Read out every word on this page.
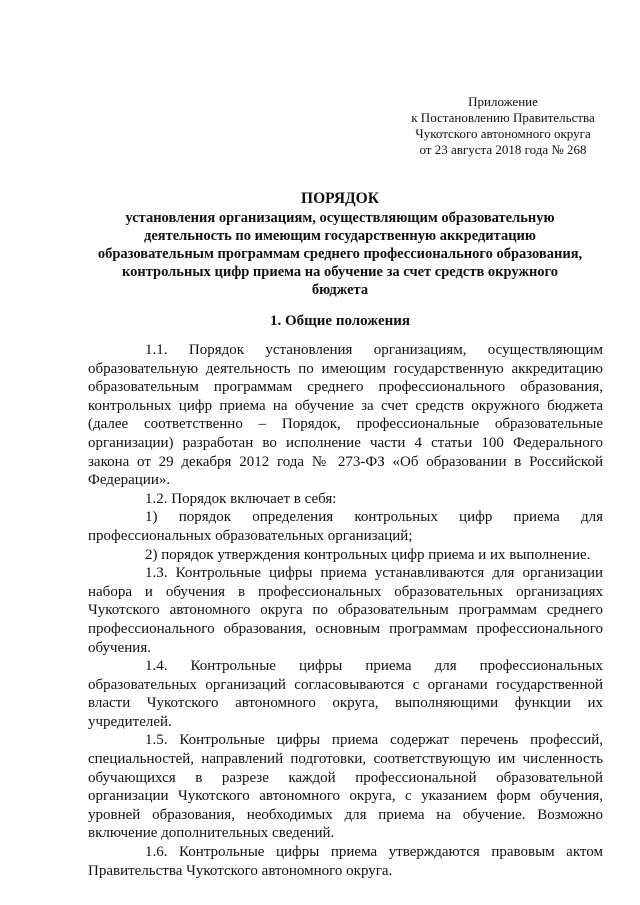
Приложение
к Постановлению Правительства
Чукотского автономного округа
от 23 августа 2018 года № 268
ПОРЯДОК
установления организациям, осуществляющим образовательную
деятельность по имеющим государственную аккредитацию
образовательным программам среднего профессионального образования,
контрольных цифр приема на обучение за счет средств окружного
бюджета
1. Общие положения

1.1. Порядок установления организациям, осуществляющим образовательную деятельность по имеющим государственную аккредитацию образовательным программам среднего профессионального образования, контрольных цифр приема на обучение за счет средств окружного бюджета (далее соответственно – Порядок, профессиональные образовательные организации) разработан во исполнение части 4 статьи 100 Федерального закона от 29 декабря 2012 года № 273-ФЗ «Об образовании в Российской Федерации».

1.2. Порядок включает в себя:

1) порядок определения контрольных цифр приема для профессиональных образовательных организаций;

2) порядок утверждения контрольных цифр приема и их выполнение.

1.3. Контрольные цифры приема устанавливаются для организации набора и обучения в профессиональных образовательных организациях Чукотского автономного округа по образовательным программам среднего профессионального образования, основным программам профессионального обучения.

1.4. Контрольные цифры приема для профессиональных образовательных организаций согласовываются с органами государственной власти Чукотского автономного округа, выполняющими функции их учредителей.

1.5. Контрольные цифры приема содержат перечень профессий, специальностей, направлений подготовки, соответствующую им численность обучающихся в разрезе каждой профессиональной образовательной организации Чукотского автономного округа, с указанием форм обучения, уровней образования, необходимых для приема на обучение. Возможно включение дополнительных сведений.

1.6. Контрольные цифры приема утверждаются правовым актом Правительства Чукотского автономного округа.
